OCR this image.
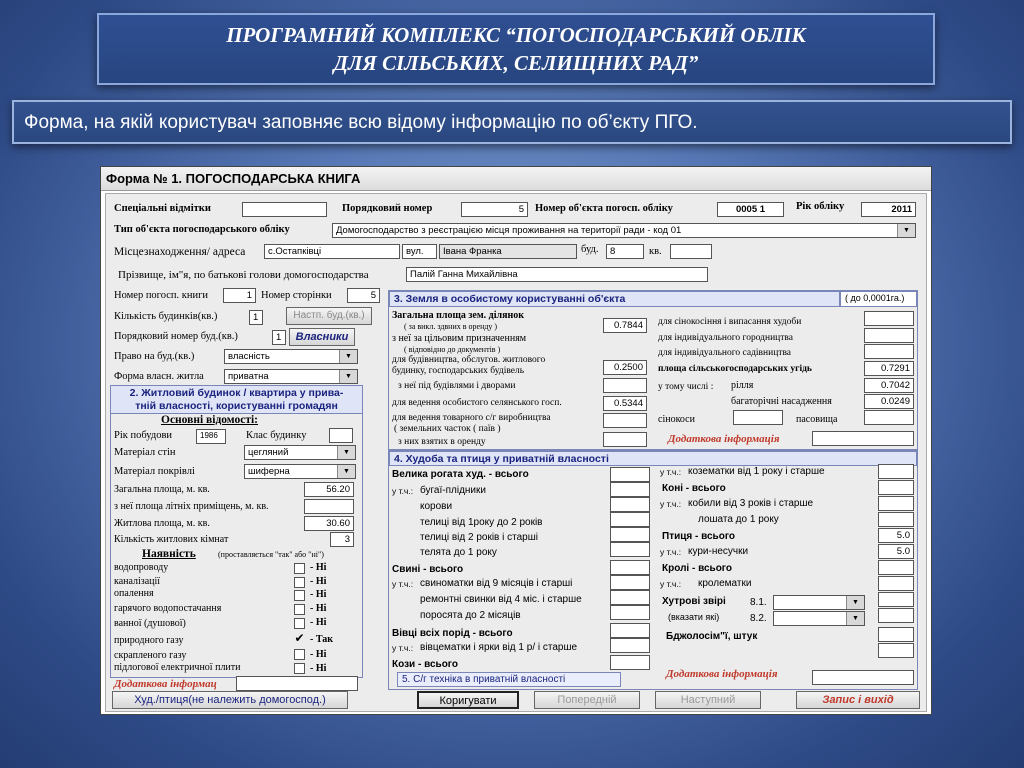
ПРОГРАМНИЙ КОМПЛЕКС “ПОГОСПОДАРСЬКИЙ ОБЛІК
ДЛЯ СІЛЬСЬКИХ, СЕЛИЩНИХ РАД”
Форма, на якій користувач заповняє всю відому інформацію по об’єкту ПГО.
Форма № 1. ПОГОСПОДАРСЬКА КНИГА
Спеціальні відмітки	Порядковий номер	5	Номер об'єкта погосп. обліку	0005 1	Рік обліку	2011
Тип об'єкта погосподарського обліку	Домогосподарство з реєстрацією місця проживання на території ради - код 01	▼
Місцезнаходження/ адреса	с.Остапківці	вул.	Івана Франка	буд.	8	кв.
Прізвище, ім"я, по батькові голови домогосподарства	Палій Ганна Михайлівна
Номер погосп. книги	1 Номер сторінки	5
Кількість будинків(кв.)	1	Настп. буд.(кв.)
Порядковий номер буд.(кв.)	1	Власники
Право на буд.(кв.)	власність	▼
Форма власн. житла	приватна	▼
2. Житловий будинок / квартира у прива-
тній власності, користуванні громадян
Основні відомості:
Рік побудови	1986	Клас будинку
Матеріал стін	цегляний	▼
Матеріал покрівлі	шиферна	▼
Загальна площа, м. кв.	56.20
з неї площа літніх приміщень, м. кв.
Житлова площа, м. кв.	30.60
Кількість житлових кімнат	3
Наявність	(проставляється "так" або "ні")
водопроводу	- Ні
каналізації	- Ні
опалення	- Ні
гарячого водопостачання	- Ні
ванної (душової)	- Ні
природного газу	✔ - Так
скрапленого газу	- Ні
підлогової електричної плити	- Ні
Додаткова інформац
3. Земля в особистому користуванні об'єкта	( до 0,0001га.)
Загальна площа зем. ділянок
( за викл. здвних в оренду )	0.7844
з неї за цільовим призначенням
( відповідно до документів )
для будівництва, обслугов. житлового
будинку, господарських будівель	0.2500
з неї під будівлями і дворами
для ведення особистого селянського госп.	0.5344
для ведення товарного с/г виробництва
( земельних часток ( паїв )
з них взятих в оренду
для сінокосіння і випасання худоби
для індивідуального городництва
для індивідуального садівництва
площа сільськогосподарських угідь	0.7291
у тому числі : рілля	0.7042
багаторічні насадження	0.0249
сінокоси	пасовища
Додаткова інформація
4. Худоба та птиця у приватній власності
Велика рогата худ. - всього
у т.ч.: бугаї-плідники
корови
телиці від 1року до 2 років
телиці від 2 років і старші
телята до 1 року
Свині - всього
у т.ч.: свиноматки від 9 місяців і старші
ремонтні свинки від 4 міс. і старше
поросята до 2 місяців
Вівці всіх порід - всього
у т.ч.: вівцематки і ярки від 1 р/ і старше
Кози - всього
5. С/г техніка в приватній власності
у т.ч.: козематки від 1 року і старше
Коні - всього
у т.ч.: кобили від 3 років і старше
лошата до 1 року
Птиця - всього	5.0
у т.ч.: кури-несучки	5.0
Кролі - всього
у т.ч.: кролематки
Хутрові звірі 8.1.	▼
(вказати які)	8.2.	▼
Бджолосім"ї, штук
Додаткова інформація
Худ./птиця(не належить домогоспод.)	Коригувати	Попередній	Наступний	Запис і вихід
